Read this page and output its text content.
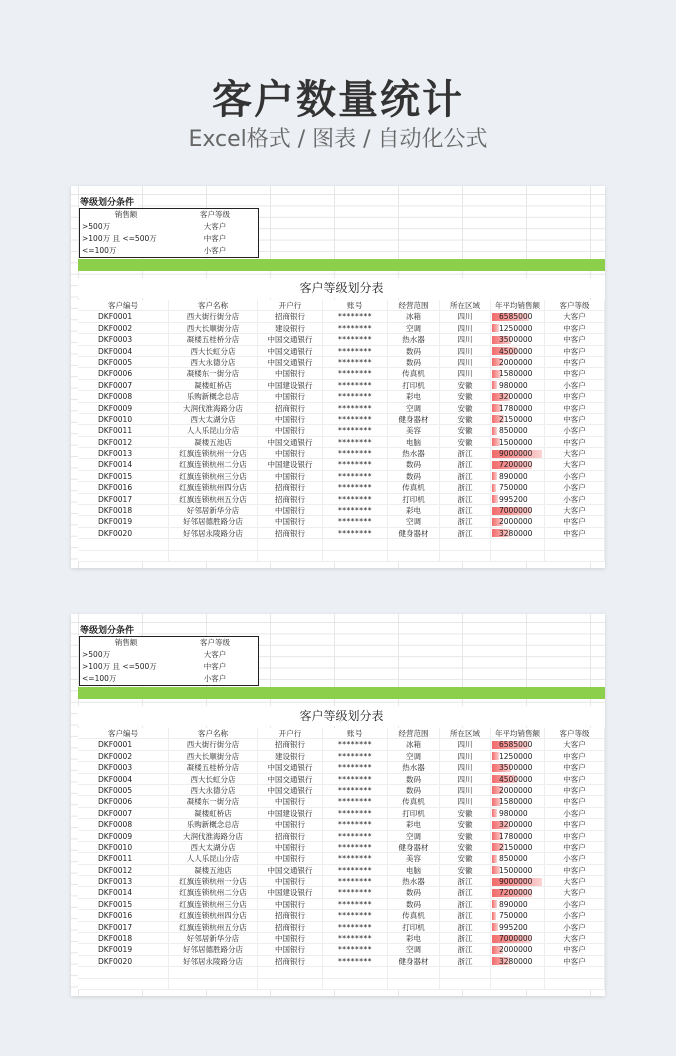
客户数量统计
Excel格式 / 图表 / 自动化公式
等级划分条件
销售额	客户等级
>500万	大客户
>100万 且 <=500万	中客户
<=100万	小客户
客户等级划分表
客户编号	客户名称	开户行	账号	经营范围	所在区域	年平均销售额	客户等级
DKF0001	西大街行街分店	招商银行	********	冰箱	四川	6585000	大客户
DKF0002	西大长顺街分店	建设银行	********	空调	四川	1250000	中客户
DKF0003	凝楼五桂桥分店	中国交通银行	********	热水器	四川	3500000	中客户
DKF0004	西大长虹分店	中国交通银行	********	数码	四川	4500000	中客户
DKF0005	西大永德分店	中国交通银行	********	数码	四川	2000000	中客户
DKF0006	凝楼东一街分店	中国银行	********	传真机	四川	1580000	中客户
DKF0007	凝楼虹桥店	中国建设银行	********	打印机	安徽	980000	小客户
DKF0008	乐购新概念总店	中国银行	********	彩电	安徽	3200000	中客户
DKF0009	大润伐淮海路分店	招商银行	********	空调	安徽	1780000	中客户
DKF0010	西大太湖分店	中国银行	********	健身器材	安徽	2150000	中客户
DKF0011	人人乐昆山分店	中国银行	********	美容	安徽	850000	小客户
DKF0012	凝楼五池店	中国交通银行	********	电脑	安徽	1500000	中客户
DKF0013	红旗连锁杭州一分店	中国银行	********	热水器	浙江	9000000	大客户
DKF0014	红旗连锁杭州二分店	中国建设银行	********	数码	浙江	7200000	大客户
DKF0015	红旗连锁杭州三分店	中国银行	********	数码	浙江	890000	小客户
DKF0016	红旗连锁杭州四分店	招商银行	********	传真机	浙江	750000	小客户
DKF0017	红旗连锁杭州五分店	招商银行	********	打印机	浙江	995200	小客户
DKF0018	好邻居新华分店	中国银行	********	彩电	浙江	7000000	大客户
DKF0019	好邻居德胜路分店	中国银行	********	空调	浙江	2000000	中客户
DKF0020	好邻居永陵路分店	招商银行	********	健身器材	浙江	3280000	中客户
等级划分条件
销售额	客户等级
>500万	大客户
>100万 且 <=500万	中客户
<=100万	小客户
客户等级划分表
客户编号	客户名称	开户行	账号	经营范围	所在区域	年平均销售额	客户等级
DKF0001	西大街行街分店	招商银行	********	冰箱	四川	6585000	大客户
DKF0002	西大长顺街分店	建设银行	********	空调	四川	1250000	中客户
DKF0003	凝楼五桂桥分店	中国交通银行	********	热水器	四川	3500000	中客户
DKF0004	西大长虹分店	中国交通银行	********	数码	四川	4500000	中客户
DKF0005	西大永德分店	中国交通银行	********	数码	四川	2000000	中客户
DKF0006	凝楼东一街分店	中国银行	********	传真机	四川	1580000	中客户
DKF0007	凝楼虹桥店	中国建设银行	********	打印机	安徽	980000	小客户
DKF0008	乐购新概念总店	中国银行	********	彩电	安徽	3200000	中客户
DKF0009	大润伐淮海路分店	招商银行	********	空调	安徽	1780000	中客户
DKF0010	西大太湖分店	中国银行	********	健身器材	安徽	2150000	中客户
DKF0011	人人乐昆山分店	中国银行	********	美容	安徽	850000	小客户
DKF0012	凝楼五池店	中国交通银行	********	电脑	安徽	1500000	中客户
DKF0013	红旗连锁杭州一分店	中国银行	********	热水器	浙江	9000000	大客户
DKF0014	红旗连锁杭州二分店	中国建设银行	********	数码	浙江	7200000	大客户
DKF0015	红旗连锁杭州三分店	中国银行	********	数码	浙江	890000	小客户
DKF0016	红旗连锁杭州四分店	招商银行	********	传真机	浙江	750000	小客户
DKF0017	红旗连锁杭州五分店	招商银行	********	打印机	浙江	995200	小客户
DKF0018	好邻居新华分店	中国银行	********	彩电	浙江	7000000	大客户
DKF0019	好邻居德胜路分店	中国银行	********	空调	浙江	2000000	中客户
DKF0020	好邻居永陵路分店	招商银行	********	健身器材	浙江	3280000	中客户
